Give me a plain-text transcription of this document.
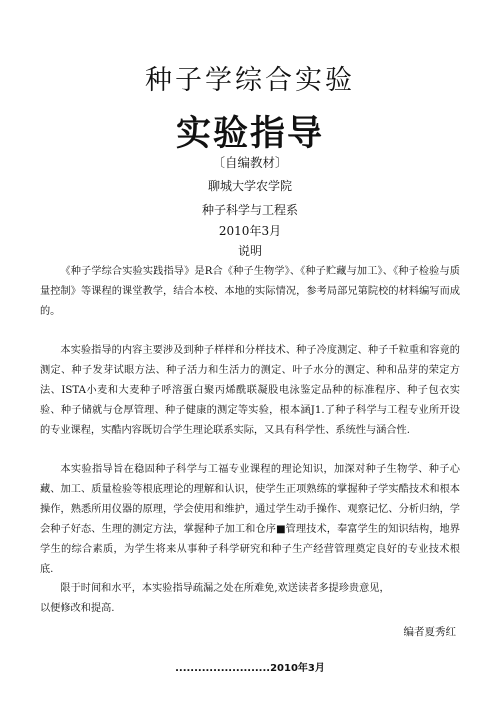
种子学综合实验
实验指导
〔自编教材〕
聊城大学农学院
种子科学与工程系
2010年3月
说明
《种子学综合实验实践指导》是R合《种子生物学》、《种子贮藏与加工》、《种子检验与质量控制》等课程的课堂教学，结合本校、本地的实际情况，参考局部兄第院校的材料编写而成的。
本实验指导的内容主要涉及到种子样样和分样技术、种子冷度测定、种子千粒重和容竟的测定、种子发芽试眼方法、种子活力和生活力的测定、叶子水分的测定、种和品芽的荣定方法、ISTA小麦和大麦种子呼溶蛋白聚丙烯酰联凝股电泳鉴定品种的标准程序、种子包衣实验、种子储就与仓厚管理、种子健康的测定等实验，根本涵J1.了种子科学与工程专业所开设的专业课程，实酷内容既切合学生理论联系实际，又具有科学性、系统性与涵合性.
本实验指导旨在稳固种子科学与工福专业课程的理论知识，加深对种子生物学、种子心藏、加工、质量检验等根底理论的理解和认识，使学生正项熟练的掌握种子学实酷技术和根本操作，熟悉所用仪器的原理，学会使用和维护，通过学生动手操作、观察记忆、分析归纳，学会种子好态、生理的测定方法，掌握种子加工和仓序■管理技术，奉富学生的知识结构，地界学生的综合素质，为学生将来从事种子科学研究和种子生产经营管理奠定良好的专业技术根底.
限于时间和水平，本实验指导疏漏之处在所难免,欢送读者多提珍贵意见，
以便修改和提高.
编者夏秀红
.........................2010年3月
